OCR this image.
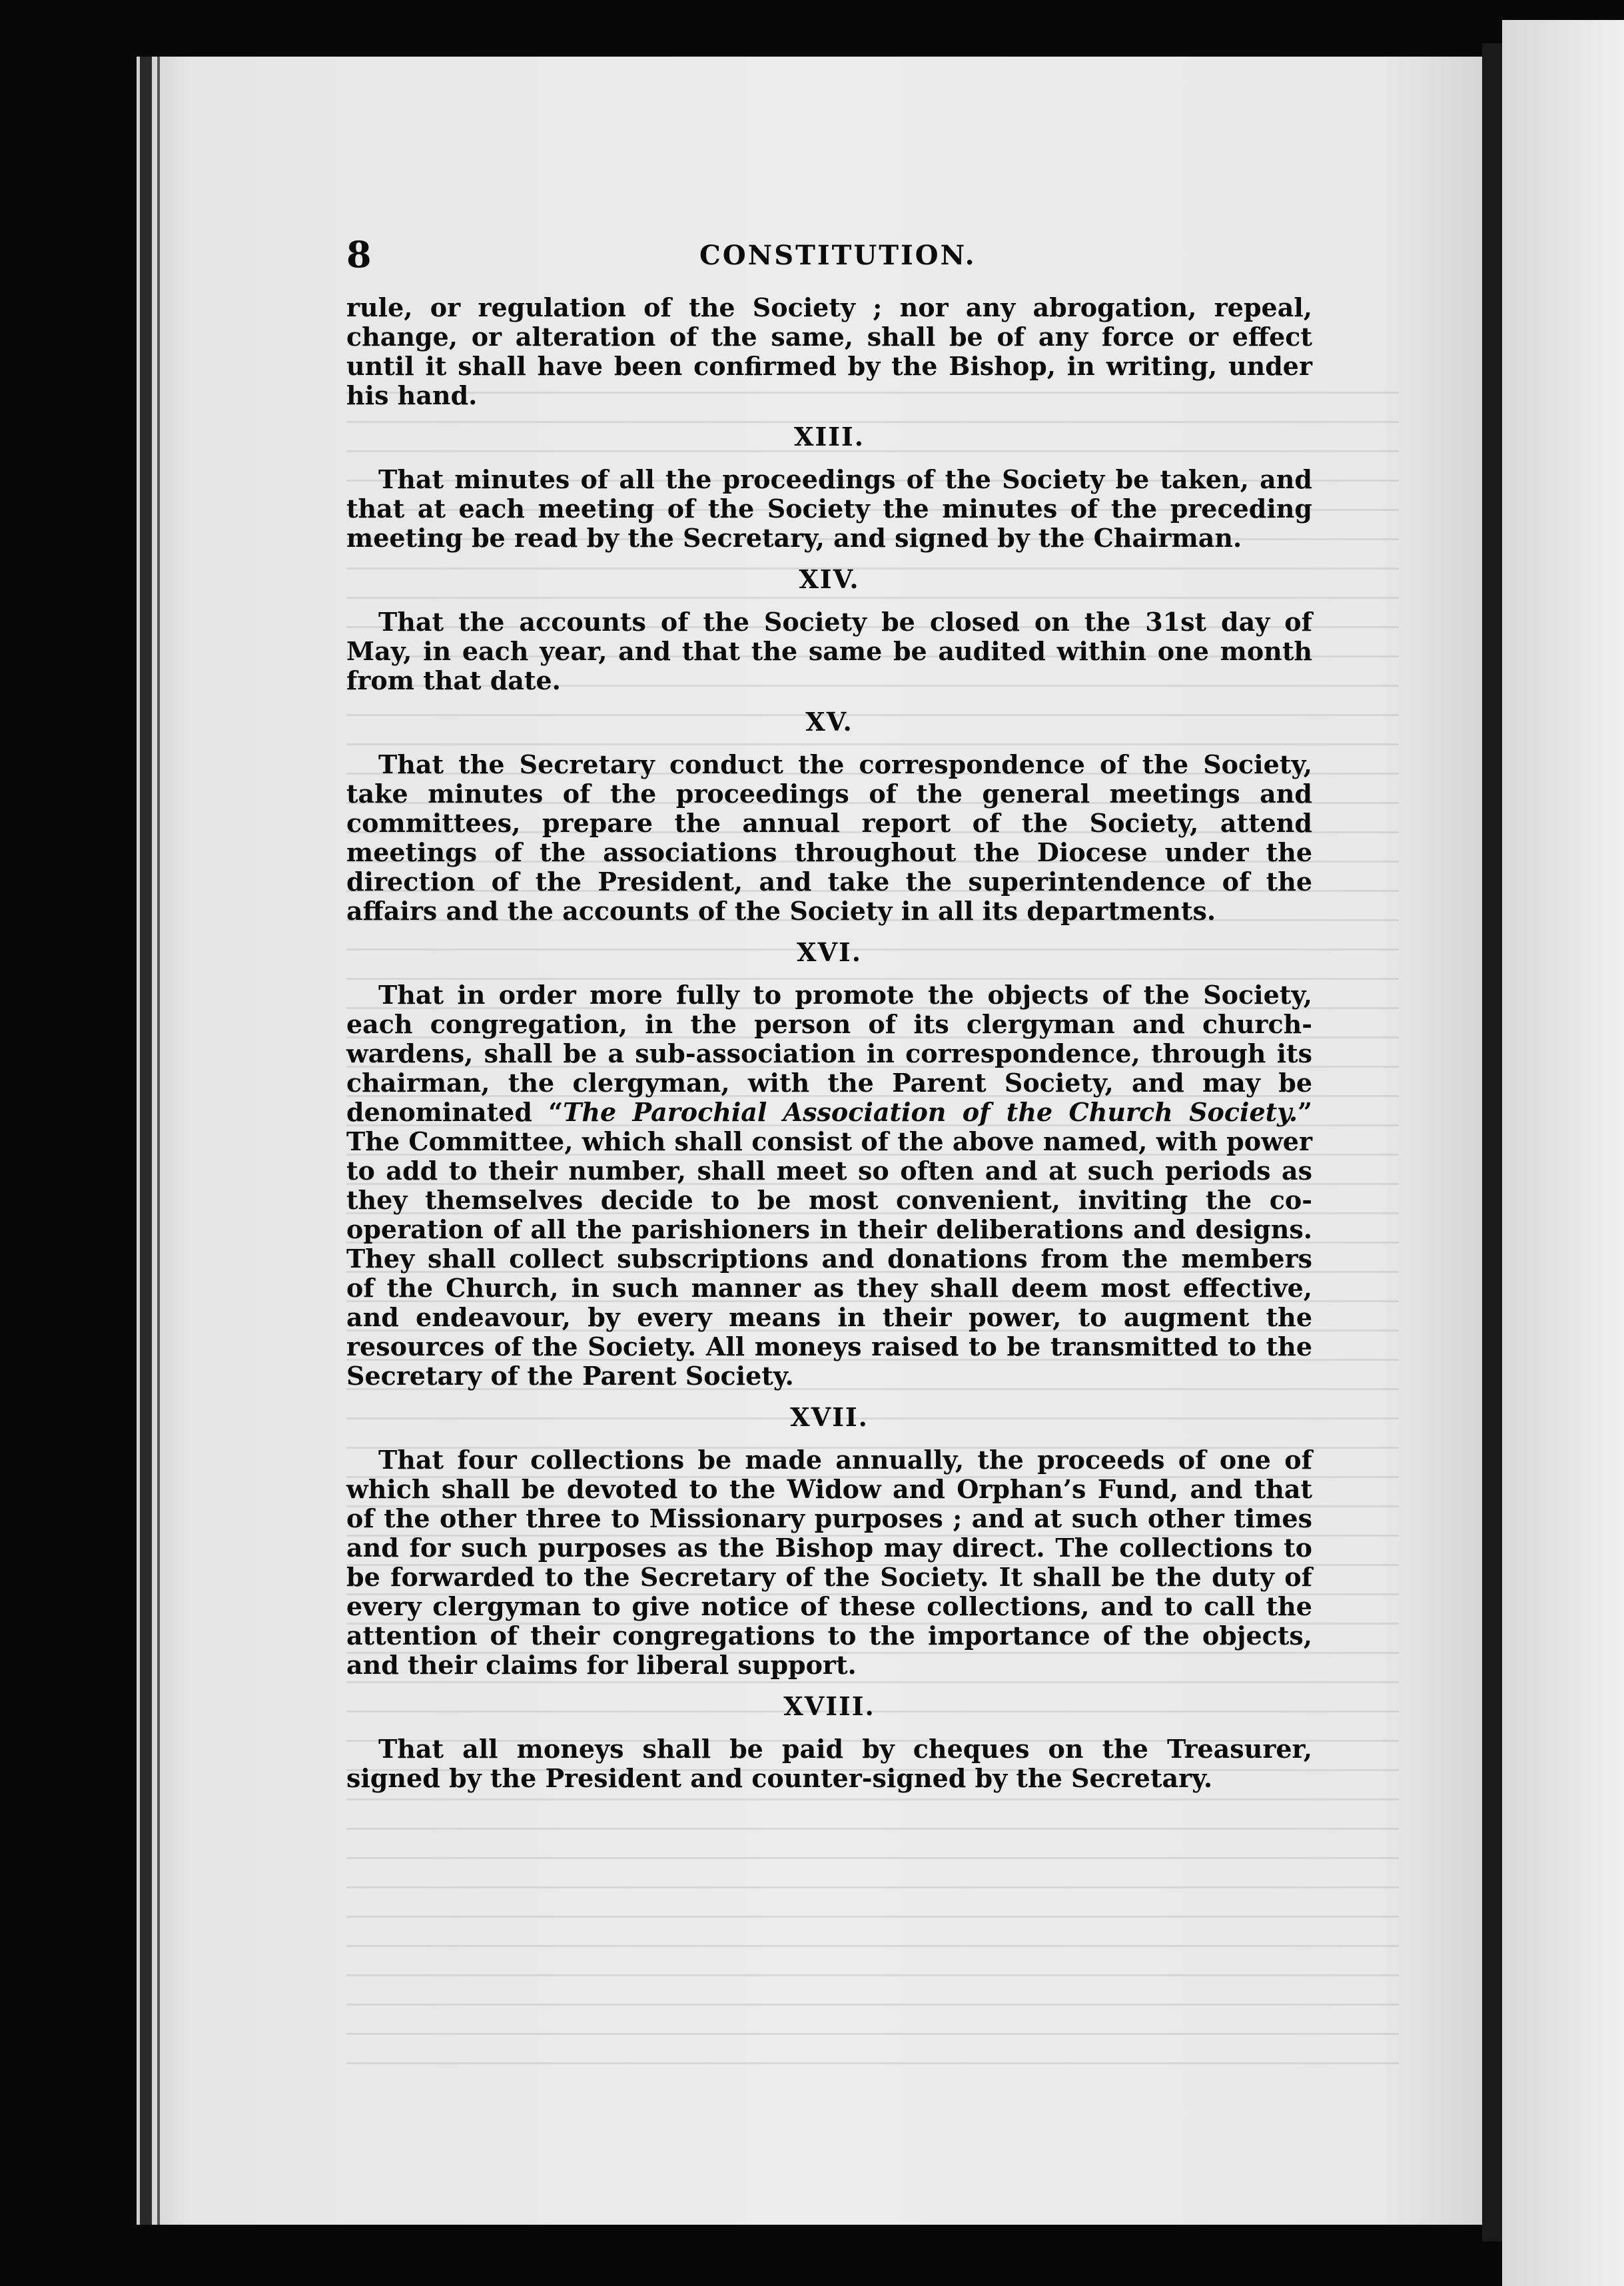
8	CONSTITUTION.

rule, or regulation of the Society ; nor any abrogation, repeal, change, or alteration of the same, shall be of any force or effect until it shall have been confirmed by the Bishop, in writing, under his hand.

XIII.

That minutes of all the proceedings of the Society be taken, and that at each meeting of the Society the minutes of the preceding meeting be read by the Secretary, and signed by the Chairman.

XIV.

That the accounts of the Society be closed on the 31st day of May, in each year, and that the same be audited within one month from that date.

XV.

That the Secretary conduct the correspondence of the Society, take minutes of the proceedings of the general meetings and committees, prepare the annual report of the Society, attend meetings of the associations throughout the Diocese under the direction of the President, and take the superintendence of the affairs and the accounts of the Society in all its departments.

XVI.

That in order more fully to promote the objects of the Society, each congregation, in the person of its clergyman and church-wardens, shall be a sub-association in correspondence, through its chairman, the clergyman, with the Parent Society, and may be denominated “The Parochial Association of the Church Society.” The Committee, which shall consist of the above named, with power to add to their number, shall meet so often and at such periods as they themselves decide to be most convenient, inviting the co-operation of all the parishioners in their deliberations and designs. They shall collect subscriptions and donations from the members of the Church, in such manner as they shall deem most effective, and endeavour, by every means in their power, to augment the resources of the Society. All moneys raised to be transmitted to the Secretary of the Parent Society.

XVII.

That four collections be made annually, the proceeds of one of which shall be devoted to the Widow and Orphan’s Fund, and that of the other three to Missionary purposes ; and at such other times and for such purposes as the Bishop may direct. The collections to be forwarded to the Secretary of the Society. It shall be the duty of every clergyman to give notice of these collections, and to call the attention of their congregations to the importance of the objects, and their claims for liberal support.

XVIII.

That all moneys shall be paid by cheques on the Treasurer, signed by the President and counter-signed by the Secretary.
